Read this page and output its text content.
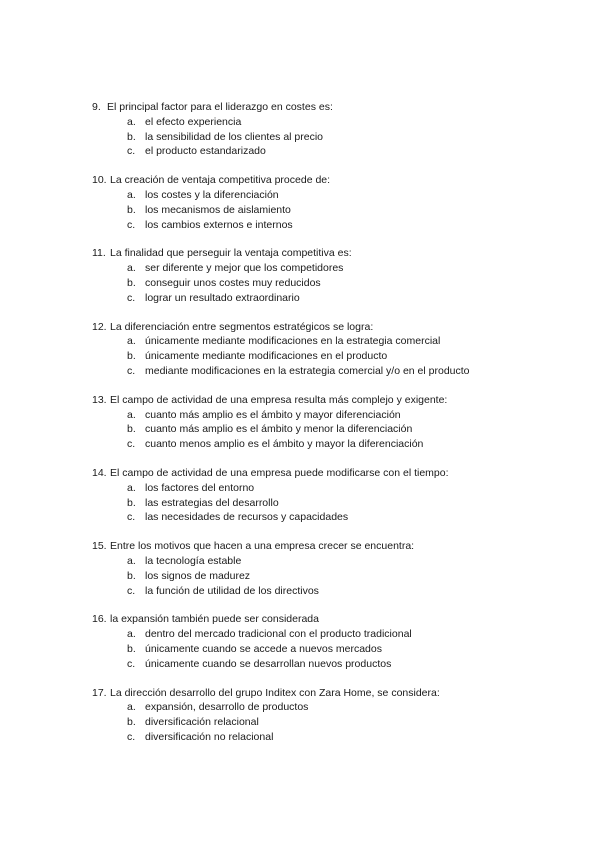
9. El principal factor para el liderazgo en costes es:
a. el efecto experiencia
b. la sensibilidad de los clientes al precio
c. el producto estandarizado
10. La creación de ventaja competitiva procede de:
a. los costes y la diferenciación
b. los mecanismos de aislamiento
c. los cambios externos e internos
11. La finalidad que perseguir la ventaja competitiva es:
a. ser diferente y mejor que los competidores
b. conseguir unos costes muy reducidos
c. lograr un resultado extraordinario
12. La diferenciación entre segmentos estratégicos se logra:
a. únicamente mediante modificaciones en la estrategia comercial
b. únicamente mediante modificaciones en el producto
c. mediante modificaciones en la estrategia comercial y/o en el producto
13. El campo de actividad de una empresa resulta más complejo y exigente:
a. cuanto más amplio es el ámbito y mayor diferenciación
b. cuanto más amplio es el ámbito y menor la diferenciación
c. cuanto menos amplio es el ámbito y mayor la diferenciación
14. El campo de actividad de una empresa puede modificarse con el tiempo:
a. los factores del entorno
b. las estrategias del desarrollo
c. las necesidades de recursos y capacidades
15. Entre los motivos que hacen a una empresa crecer se encuentra:
a. la tecnología estable
b. los signos de madurez
c. la función de utilidad de los directivos
16. la expansión también puede ser considerada
a. dentro del mercado tradicional con el producto tradicional
b. únicamente cuando se accede a nuevos mercados
c. únicamente cuando se desarrollan nuevos productos
17. La dirección desarrollo del grupo Inditex con Zara Home, se considera:
a. expansión, desarrollo de productos
b. diversificación relacional
c. diversificación no relacional
